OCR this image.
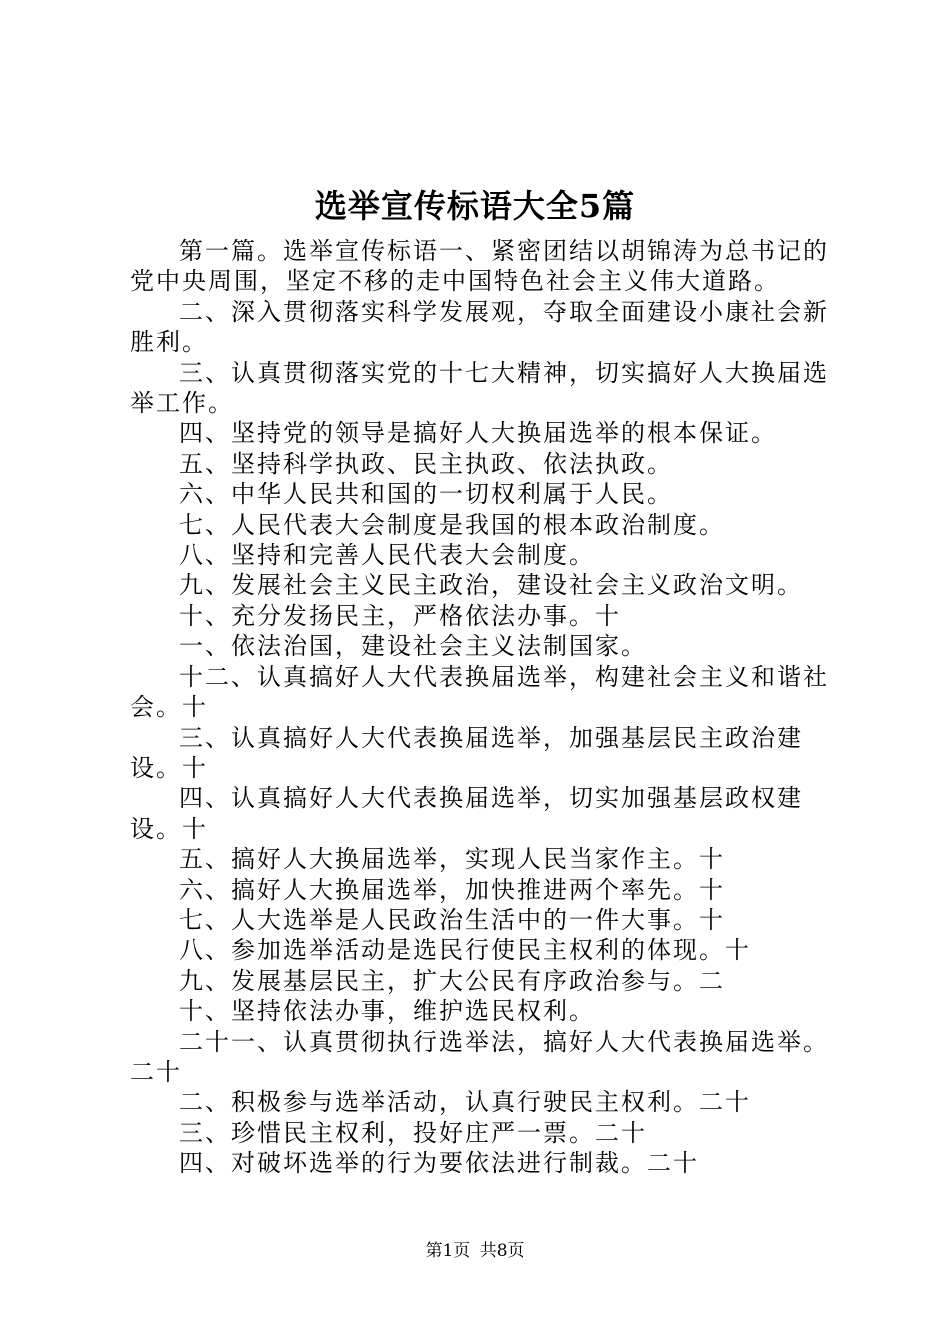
选举宣传标语大全5篇

第一篇。选举宣传标语一、紧密团结以胡锦涛为总书记的党中央周围，坚定不移的走中国特色社会主义伟大道路。

二、深入贯彻落实科学发展观，夺取全面建设小康社会新胜利。

三、认真贯彻落实党的十七大精神，切实搞好人大换届选举工作。

四、坚持党的领导是搞好人大换届选举的根本保证。

五、坚持科学执政、民主执政、依法执政。

六、中华人民共和国的一切权利属于人民。

七、人民代表大会制度是我国的根本政治制度。

八、坚持和完善人民代表大会制度。

九、发展社会主义民主政治，建设社会主义政治文明。

十、充分发扬民主，严格依法办事。十

一、依法治国，建设社会主义法制国家。

十二、认真搞好人大代表换届选举，构建社会主义和谐社会。十

三、认真搞好人大代表换届选举，加强基层民主政治建设。十

四、认真搞好人大代表换届选举，切实加强基层政权建设。十

五、搞好人大换届选举，实现人民当家作主。十

六、搞好人大换届选举，加快推进两个率先。十

七、人大选举是人民政治生活中的一件大事。十

八、参加选举活动是选民行使民主权利的体现。十

九、发展基层民主，扩大公民有序政治参与。二

十、坚持依法办事，维护选民权利。

二十一、认真贯彻执行选举法，搞好人大代表换届选举。二十

二、积极参与选举活动，认真行驶民主权利。二十

三、珍惜民主权利，投好庄严一票。二十

四、对破坏选举的行为要依法进行制裁。二十

第1页 共8页
